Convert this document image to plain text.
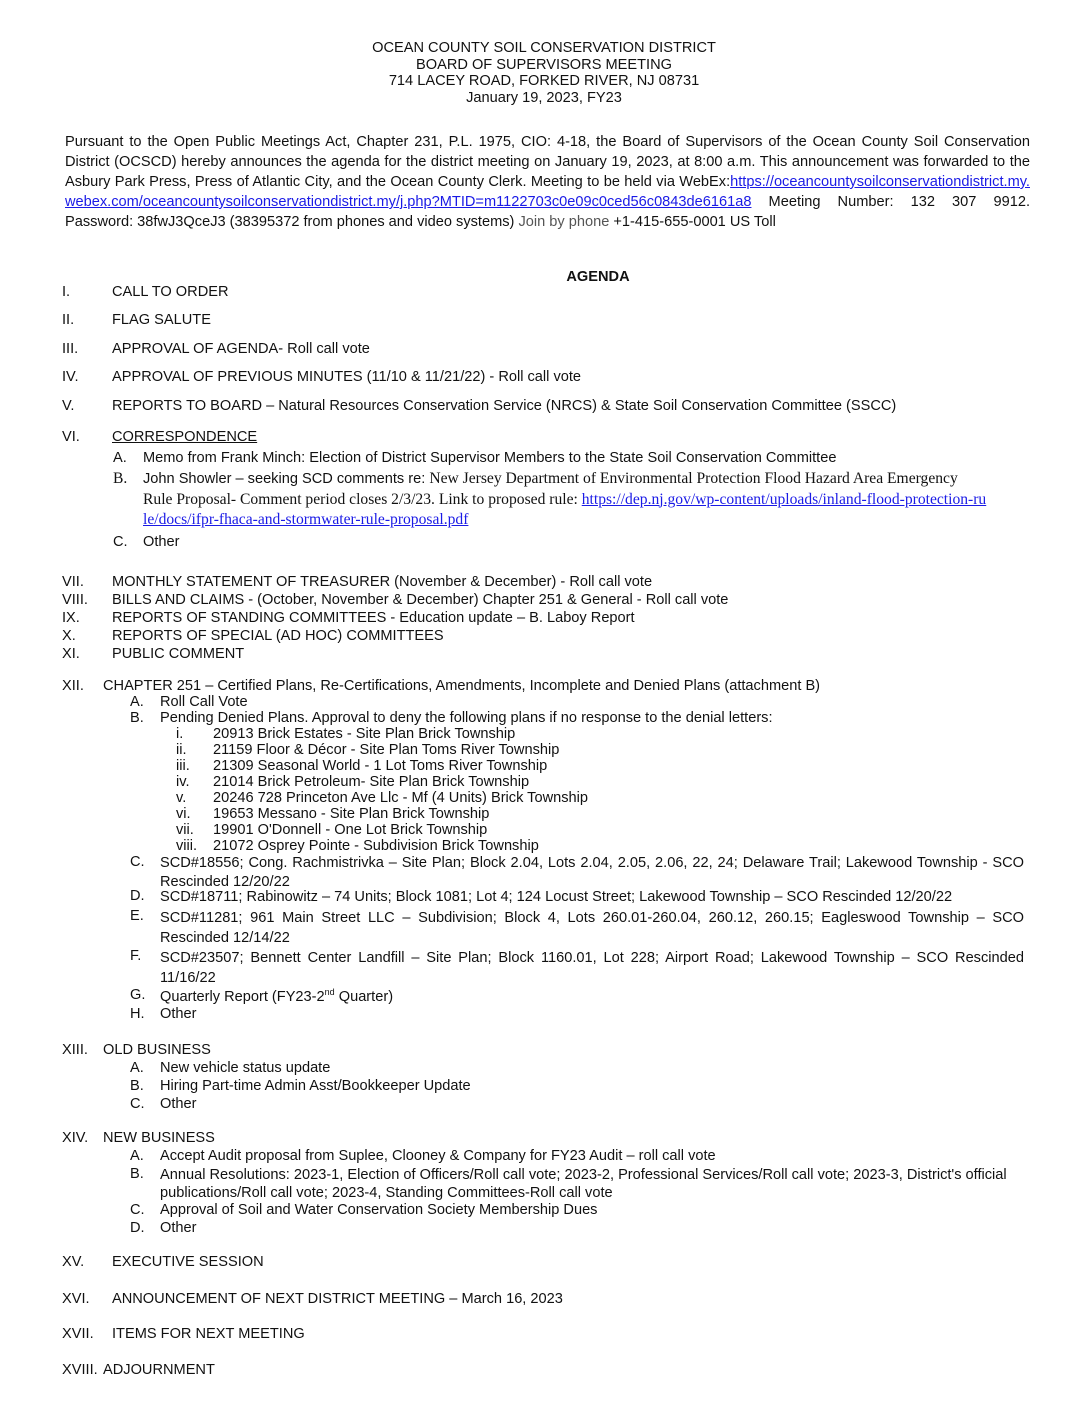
OCEAN COUNTY SOIL CONSERVATION DISTRICT
BOARD OF SUPERVISORS MEETING
714 LACEY ROAD, FORKED RIVER, NJ 08731
January 19, 2023, FY23
Pursuant to the Open Public Meetings Act, Chapter 231, P.L. 1975, CIO: 4-18, the Board of Supervisors of the Ocean County Soil Conservation District (OCSCD) hereby announces the agenda for the district meeting on January 19, 2023, at 8:00 a.m. This announcement was forwarded to the Asbury Park Press, Press of Atlantic City, and the Ocean County Clerk. Meeting to be held via WebEx:https://oceancountysoilconservationdistrict.my.webex.com/oceancountysoilconservationdistrict.my/j.php?MTID=m1122703c0e09c0ced56c0843de6161a8 Meeting Number: 132 307 9912. Password: 38fwJ3QceJ3 (38395372 from phones and video systems) Join by phone +1-415-655-0001 US Toll
AGENDA
I.	CALL TO ORDER
II.	FLAG SALUTE
III.	APPROVAL OF AGENDA- Roll call vote
IV.	APPROVAL OF PREVIOUS MINUTES (11/10 & 11/21/22) - Roll call vote
V.	REPORTS TO BOARD – Natural Resources Conservation Service (NRCS) & State Soil Conservation Committee (SSCC)
VI.	CORRESPONDENCE
A.	Memo from Frank Minch: Election of District Supervisor Members to the State Soil Conservation Committee
B.	John Showler – seeking SCD comments re: New Jersey Department of Environmental Protection Flood Hazard Area Emergency Rule Proposal- Comment period closes 2/3/23. Link to proposed rule: https://dep.nj.gov/wp-content/uploads/inland-flood-protection-rule/docs/ifpr-fhaca-and-stormwater-rule-proposal.pdf
C.	Other
VII.	MONTHLY STATEMENT OF TREASURER (November & December) - Roll call vote
VIII.	BILLS AND CLAIMS - (October, November & December) Chapter 251 & General - Roll call vote
IX.	REPORTS OF STANDING COMMITTEES - Education update – B. Laboy Report
X.	REPORTS OF SPECIAL (AD HOC) COMMITTEES
XI.	PUBLIC COMMENT
XII.	CHAPTER 251 – Certified Plans, Re-Certifications, Amendments, Incomplete and Denied Plans (attachment B)
A.	Roll Call Vote
B.	Pending Denied Plans. Approval to deny the following plans if no response to the denial letters:
i.	20913 Brick Estates - Site Plan Brick Township
ii.	21159 Floor & Décor - Site Plan Toms River Township
iii.	21309 Seasonal World - 1 Lot Toms River Township
iv.	21014 Brick Petroleum- Site Plan Brick Township
v.	20246 728 Princeton Ave Llc - Mf (4 Units) Brick Township
vi.	19653 Messano - Site Plan Brick Township
vii.	19901 O'Donnell - One Lot Brick Township
viii.	21072 Osprey Pointe - Subdivision Brick Township
C.	SCD#18556; Cong. Rachmistrivka – Site Plan; Block 2.04, Lots 2.04, 2.05, 2.06, 22, 24; Delaware Trail; Lakewood Township - SCO Rescinded 12/20/22
D.	SCD#18711; Rabinowitz – 74 Units; Block 1081; Lot 4; 124 Locust Street; Lakewood Township – SCO Rescinded 12/20/22
E.	SCD#11281; 961 Main Street LLC – Subdivision; Block 4, Lots 260.01-260.04, 260.12, 260.15; Eagleswood Township – SCO Rescinded 12/14/22
F.	SCD#23507; Bennett Center Landfill – Site Plan; Block 1160.01, Lot 228; Airport Road; Lakewood Township – SCO Rescinded 11/16/22
G. Quarterly Report (FY23-2nd Quarter)
H.	Other
XIII.	OLD BUSINESS
A.	New vehicle status update
B.	Hiring Part-time Admin Asst/Bookkeeper Update
C.	Other
XIV.	NEW BUSINESS
A.	Accept Audit proposal from Suplee, Clooney & Company for FY23 Audit – roll call vote
B.	Annual Resolutions: 2023-1, Election of Officers/Roll call vote; 2023-2, Professional Services/Roll call vote; 2023-3, District's official publications/Roll call vote; 2023-4, Standing Committees-Roll call vote
C.	Approval of Soil and Water Conservation Society Membership Dues
D.	Other
XV.	EXECUTIVE SESSION
XVI.	ANNOUNCEMENT OF NEXT DISTRICT MEETING – March 16, 2023
XVII.	ITEMS FOR NEXT MEETING
XVIII. ADJOURNMENT
